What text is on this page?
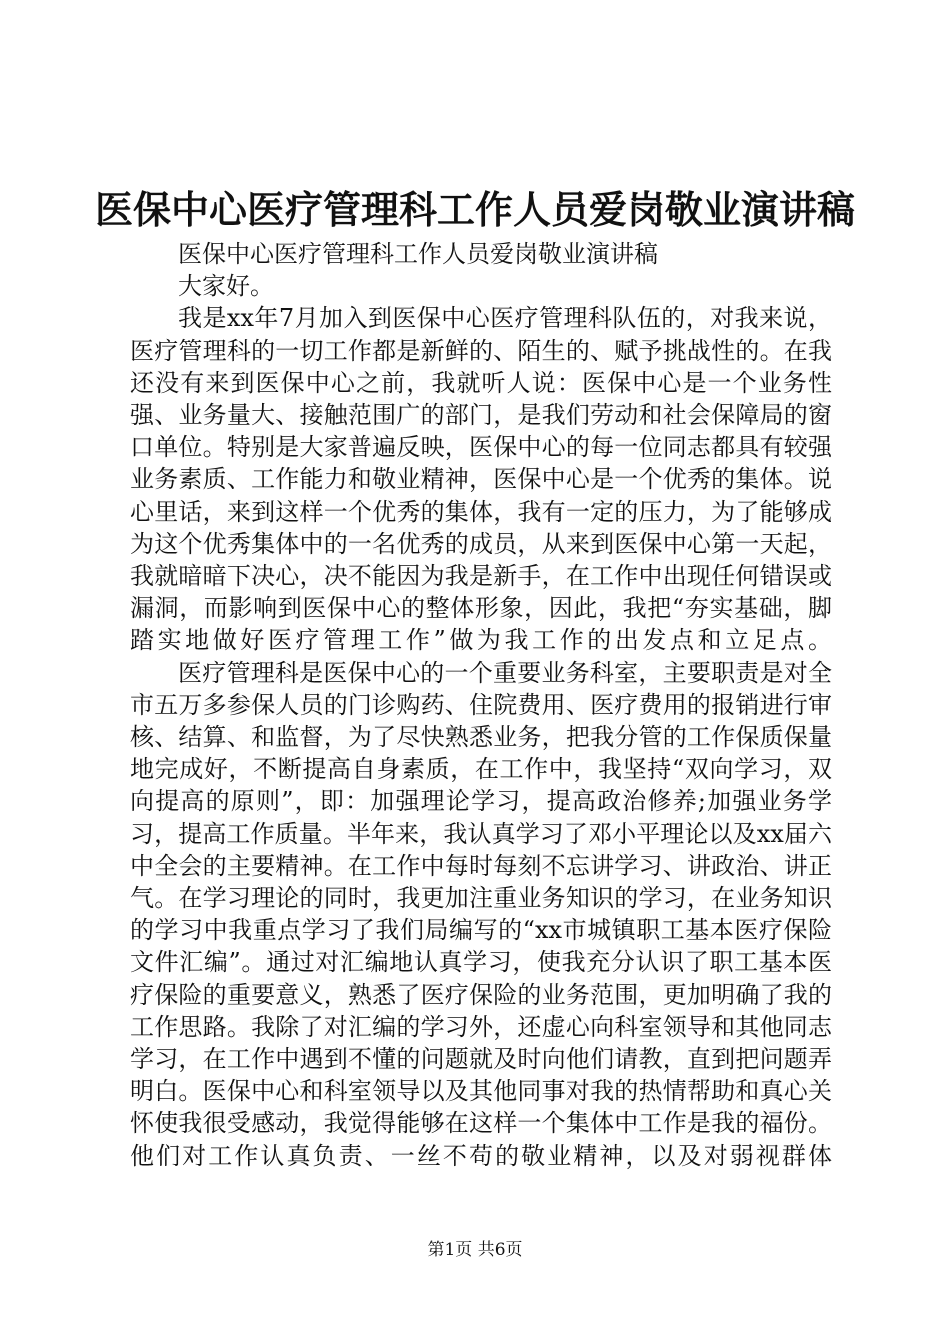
医保中心医疗管理科工作人员爱岗敬业演讲稿

医保中心医疗管理科工作人员爱岗敬业演讲稿

大家好。

我是xx年7月加入到医保中心医疗管理科队伍的，对我来说，医疗管理科的一切工作都是新鲜的、陌生的、赋予挑战性的。在我还没有来到医保中心之前，我就听人说：医保中心是一个业务性强、业务量大、接触范围广的部门，是我们劳动和社会保障局的窗口单位。特别是大家普遍反映，医保中心的每一位同志都具有较强业务素质、工作能力和敬业精神，医保中心是一个优秀的集体。说心里话，来到这样一个优秀的集体，我有一定的压力，为了能够成为这个优秀集体中的一名优秀的成员，从来到医保中心第一天起，我就暗暗下决心，决不能因为我是新手，在工作中出现任何错误或漏洞，而影响到医保中心的整体形象，因此，我把“夯实基础，脚踏实地做好医疗管理工作”做为我工作的出发点和立足点。

医疗管理科是医保中心的一个重要业务科室，主要职责是对全市五万多参保人员的门诊购药、住院费用、医疗费用的报销进行审核、结算、和监督，为了尽快熟悉业务，把我分管的工作保质保量地完成好，不断提高自身素质，在工作中，我坚持“双向学习，双向提高的原则”，即：加强理论学习，提高政治修养;加强业务学习，提高工作质量。半年来，我认真学习了邓小平理论以及xx届六中全会的主要精神。在工作中每时每刻不忘讲学习、讲政治、讲正气。在学习理论的同时，我更加注重业务知识的学习，在业务知识的学习中我重点学习了我们局编写的“xx市城镇职工基本医疗保险文件汇编”。通过对汇编地认真学习，使我充分认识了职工基本医疗保险的重要意义，熟悉了医疗保险的业务范围，更加明确了我的工作思路。我除了对汇编的学习外，还虚心向科室领导和其他同志学习，在工作中遇到不懂的问题就及时向他们请教，直到把问题弄明白。医保中心和科室领导以及其他同事对我的热情帮助和真心关怀使我很受感动，我觉得能够在这样一个集体中工作是我的福份。他们对工作认真负责、一丝不苟的敬业精神，以及对弱视群体

第1页 共6页
